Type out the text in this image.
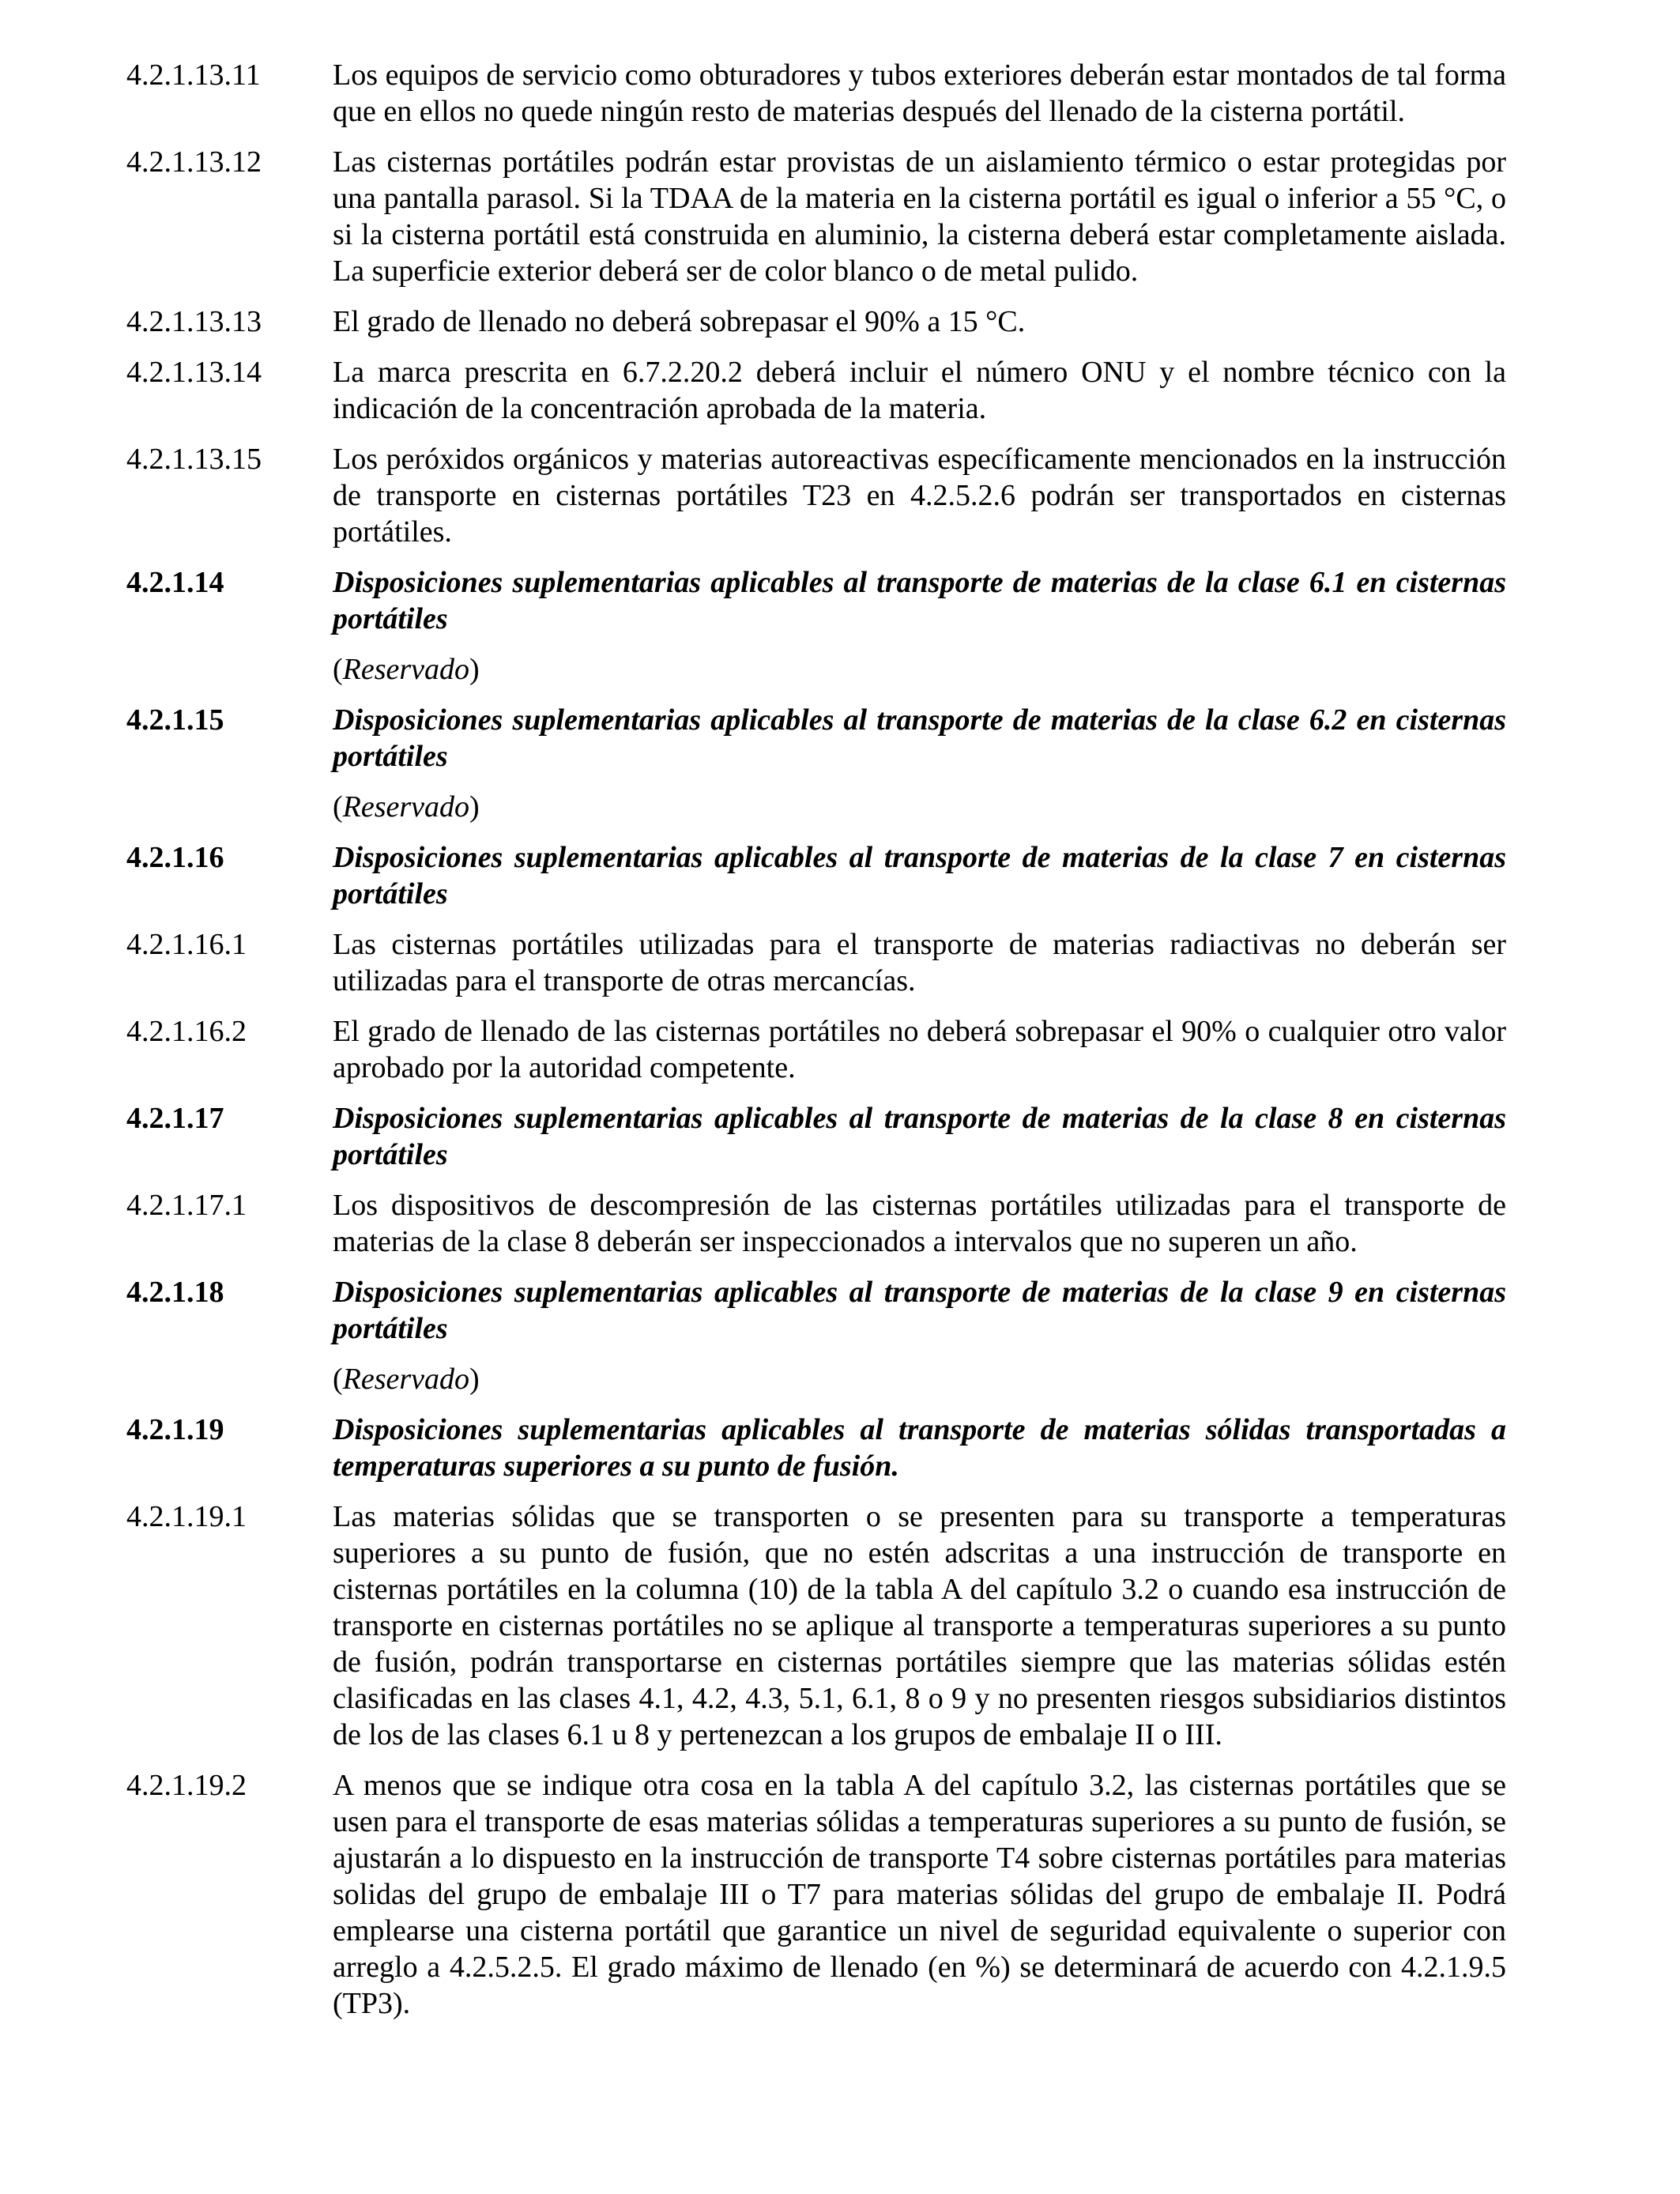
4.2.1.13.11	Los equipos de servicio como obturadores y tubos exteriores deberán estar montados de tal forma que en ellos no quede ningún resto de materias después del llenado de la cisterna portátil.
4.2.1.13.12	Las cisternas portátiles podrán estar provistas de un aislamiento térmico o estar protegidas por una pantalla parasol. Si la TDAA de la materia en la cisterna portátil es igual o inferior a 55 °C, o si la cisterna portátil está construida en aluminio, la cisterna deberá estar completamente aislada. La superficie exterior deberá ser de color blanco o de metal pulido.
4.2.1.13.13	El grado de llenado no deberá sobrepasar el 90% a 15 °C.
4.2.1.13.14	La marca prescrita en 6.7.2.20.2 deberá incluir el número ONU y el nombre técnico con la indicación de la concentración aprobada de la materia.
4.2.1.13.15	Los peróxidos orgánicos y materias autoreactivas específicamente mencionados en la instrucción de transporte en cisternas portátiles T23 en 4.2.5.2.6 podrán ser transportados en cisternas portátiles.
4.2.1.14	Disposiciones suplementarias aplicables al transporte de materias de la clase 6.1 en cisternas portátiles
(Reservado)
4.2.1.15	Disposiciones suplementarias aplicables al transporte de materias de la clase 6.2 en cisternas portátiles
(Reservado)
4.2.1.16	Disposiciones suplementarias aplicables al transporte de materias de la clase 7 en cisternas portátiles
4.2.1.16.1	Las cisternas portátiles utilizadas para el transporte de materias radiactivas no deberán ser utilizadas para el transporte de otras mercancías.
4.2.1.16.2	El grado de llenado de las cisternas portátiles no deberá sobrepasar el 90% o cualquier otro valor aprobado por la autoridad competente.
4.2.1.17	Disposiciones suplementarias aplicables al transporte de materias de la clase 8 en cisternas portátiles
4.2.1.17.1	Los dispositivos de descompresión de las cisternas portátiles utilizadas para el transporte de materias de la clase 8 deberán ser inspeccionados a intervalos que no superen un año.
4.2.1.18	Disposiciones suplementarias aplicables al transporte de materias de la clase 9 en cisternas portátiles
(Reservado)
4.2.1.19	Disposiciones suplementarias aplicables al transporte de materias sólidas transportadas a temperaturas superiores a su punto de fusión.
4.2.1.19.1	Las materias sólidas que se transporten o se presenten para su transporte a temperaturas superiores a su punto de fusión, que no estén adscritas a una instrucción de transporte en cisternas portátiles en la columna (10) de la tabla A del capítulo 3.2 o cuando esa instrucción de transporte en cisternas portátiles no se aplique al transporte a temperaturas superiores a su punto de fusión, podrán transportarse en cisternas portátiles siempre que las materias sólidas estén clasificadas en las clases 4.1, 4.2, 4.3, 5.1, 6.1, 8 o 9 y no presenten riesgos subsidiarios distintos de los de las clases 6.1 u 8 y pertenezcan a los grupos de embalaje II o III.
4.2.1.19.2	A menos que se indique otra cosa en la tabla A del capítulo 3.2, las cisternas portátiles que se usen para el transporte de esas materias sólidas a temperaturas superiores a su punto de fusión, se ajustarán a lo dispuesto en la instrucción de transporte T4 sobre cisternas portátiles para materias solidas del grupo de embalaje III o T7 para materias sólidas del grupo de embalaje II. Podrá emplearse una cisterna portátil que garantice un nivel de seguridad equivalente o superior con arreglo a 4.2.5.2.5. El grado máximo de llenado (en %) se determinará de acuerdo con 4.2.1.9.5 (TP3).
